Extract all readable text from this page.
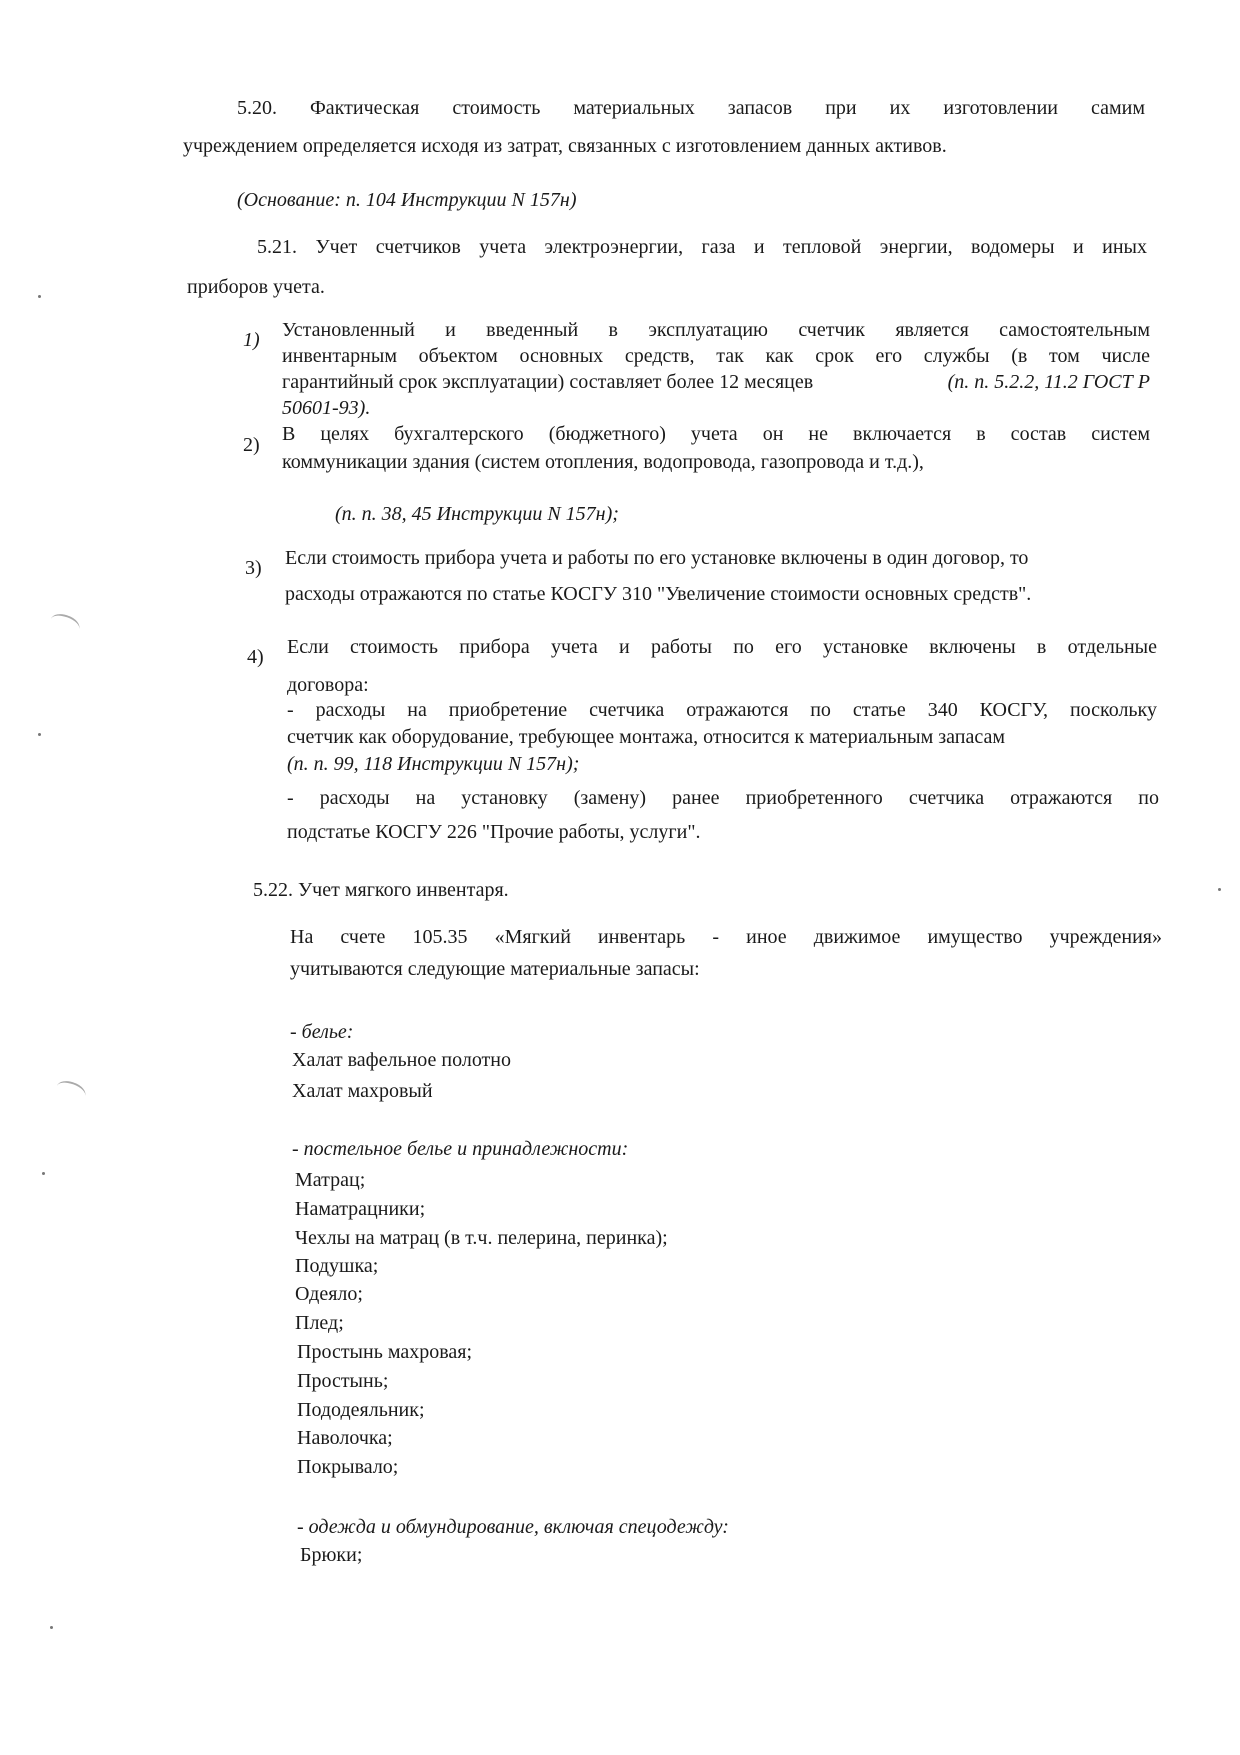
5.20. Фактическая стоимость материальных запасов при их изготовлении самим

учреждением определяется исходя из затрат, связанных с изготовлением данных активов.

(Основание: п. 104 Инструкции N 157н)

5.21. Учет счетчиков учета электроэнергии, газа и тепловой энергии, водомеры и иных

приборов учета.

1) Установленный и введенный в эксплуатацию счетчик является самостоятельным

инвентарным объектом основных средств, так как срок его службы (в том числе

гарантийный срок эксплуатации) составляет более 12 месяцев	(п. п. 5.2.2, 11.2 ГОСТ Р

50601-93).

2) В целях бухгалтерского (бюджетного) учета он не включается в состав систем

коммуникации здания (систем отопления, водопровода, газопровода и т.д.),

(п. п. 38, 45 Инструкции N 157н);

3) Если стоимость прибора учета и работы по его установке включены в один договор, то

расходы отражаются по статье КОСГУ 310 "Увеличение стоимости основных средств".

4) Если стоимость прибора учета и работы по его установке включены в отдельные

договора:

- расходы на приобретение счетчика отражаются по статье 340 КОСГУ, поскольку

счетчик как оборудование, требующее монтажа, относится к материальным запасам

(п. п. 99, 118 Инструкции N 157н);

- расходы на установку (замену) ранее приобретенного счетчика отражаются по

подстатье КОСГУ 226 "Прочие работы, услуги".

5.22. Учет мягкого инвентаря.

На счете 105.35 «Мягкий инвентарь - иное движимое имущество учреждения»

учитываются следующие материальные запасы:

- белье:

Халат вафельное полотно

Халат махровый

- постельное белье и принадлежности:

Матрац;

Наматрацники;

Чехлы на матрац (в т.ч. пелерина, перинка);

Подушка;

Одеяло;

Плед;

Простынь махровая;

Простынь;

Пододеяльник;

Наволочка;

Покрывало;

- одежда и обмундирование, включая спецодежду:

Брюки;
